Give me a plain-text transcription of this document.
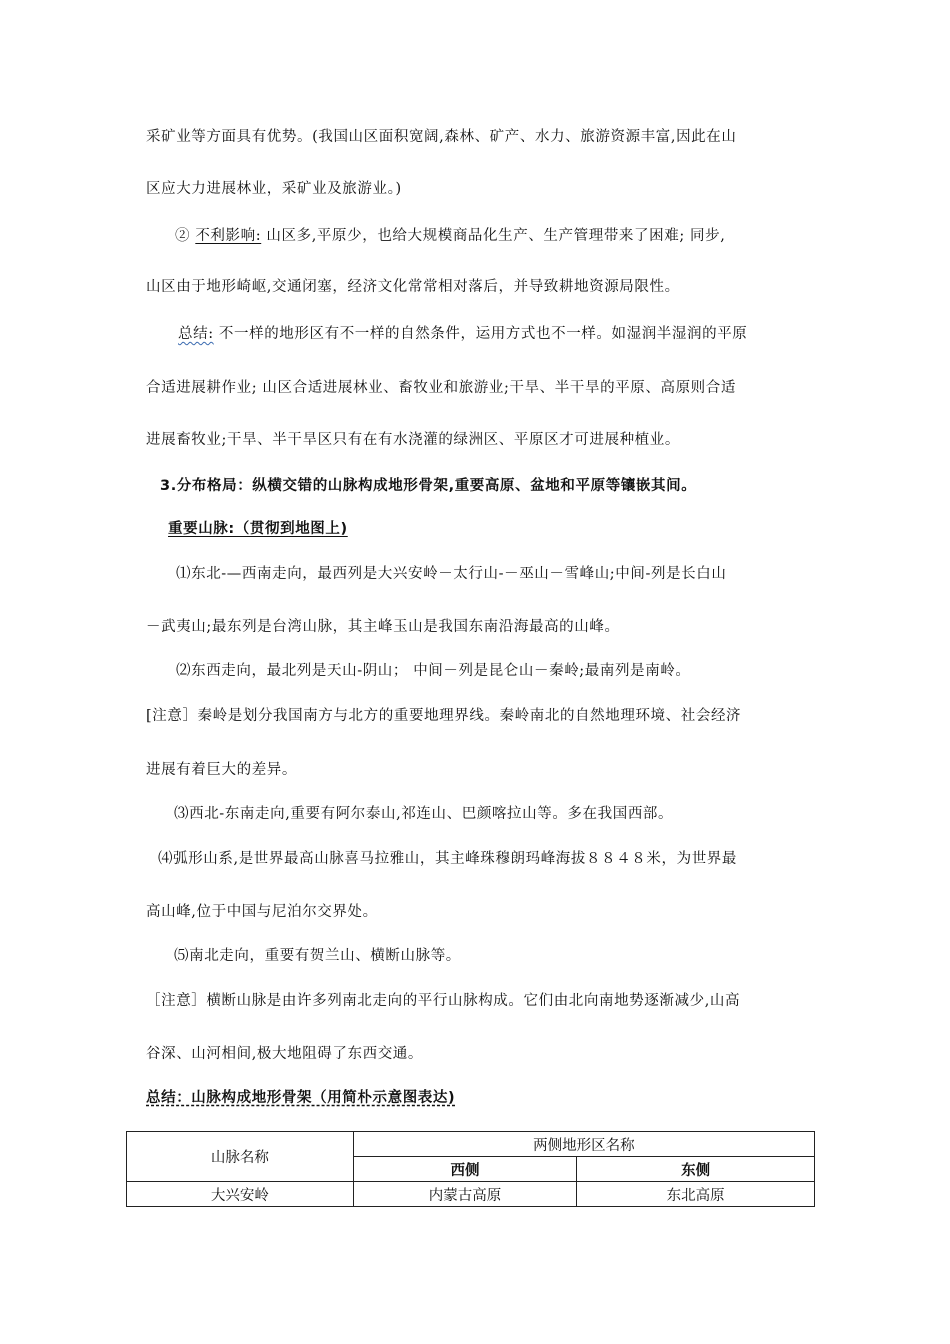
采矿业等方面具有优势。(我国山区面积宽阔,森林、矿产、水力、旅游资源丰富,因此在山
区应大力进展林业，采矿业及旅游业。)
② 不利影响: 山区多,平原少，也给大规模商品化生产、生产管理带来了困难; 同步,
山区由于地形崎岖,交通闭塞，经济文化常常相对落后，并导致耕地资源局限性。
总结: 不一样的地形区有不一样的自然条件，运用方式也不一样。如湿润半湿润的平原
合适进展耕作业; 山区合适进展林业、畜牧业和旅游业;干旱、半干旱的平原、高原则合适
进展畜牧业;干旱、半干旱区只有在有水浇灌的绿洲区、平原区才可进展种植业。
3.分布格局：纵横交错的山脉构成地形骨架,重要高原、盆地和平原等镶嵌其间。
重要山脉:（贯彻到地图上)
⑴东北-—西南走向，最西列是大兴安岭－太行山-－巫山－雪峰山;中间-列是长白山
－武夷山;最东列是台湾山脉，其主峰玉山是我国东南沿海最高的山峰。
⑵东西走向，最北列是天山-阴山； 中间－列是昆仑山－秦岭;最南列是南岭。
[注意］秦岭是划分我国南方与北方的重要地理界线。秦岭南北的自然地理环境、社会经济
进展有着巨大的差异。
⑶西北-东南走向,重要有阿尔泰山,祁连山、巴颜喀拉山等。多在我国西部。
⑷弧形山系,是世界最高山脉喜马拉雅山，其主峰珠穆朗玛峰海拔８８４８米，为世界最
高山峰,位于中国与尼泊尔交界处。
⑸南北走向，重要有贺兰山、横断山脉等。
［注意］横断山脉是由许多列南北走向的平行山脉构成。它们由北向南地势逐渐减少,山高
谷深、山河相间,极大地阻碍了东西交通。
总结：山脉构成地形骨架（用简朴示意图表达)
山脉名称	两侧地形区名称	
	西侧	东侧
大兴安岭	内蒙古高原	东北高原
